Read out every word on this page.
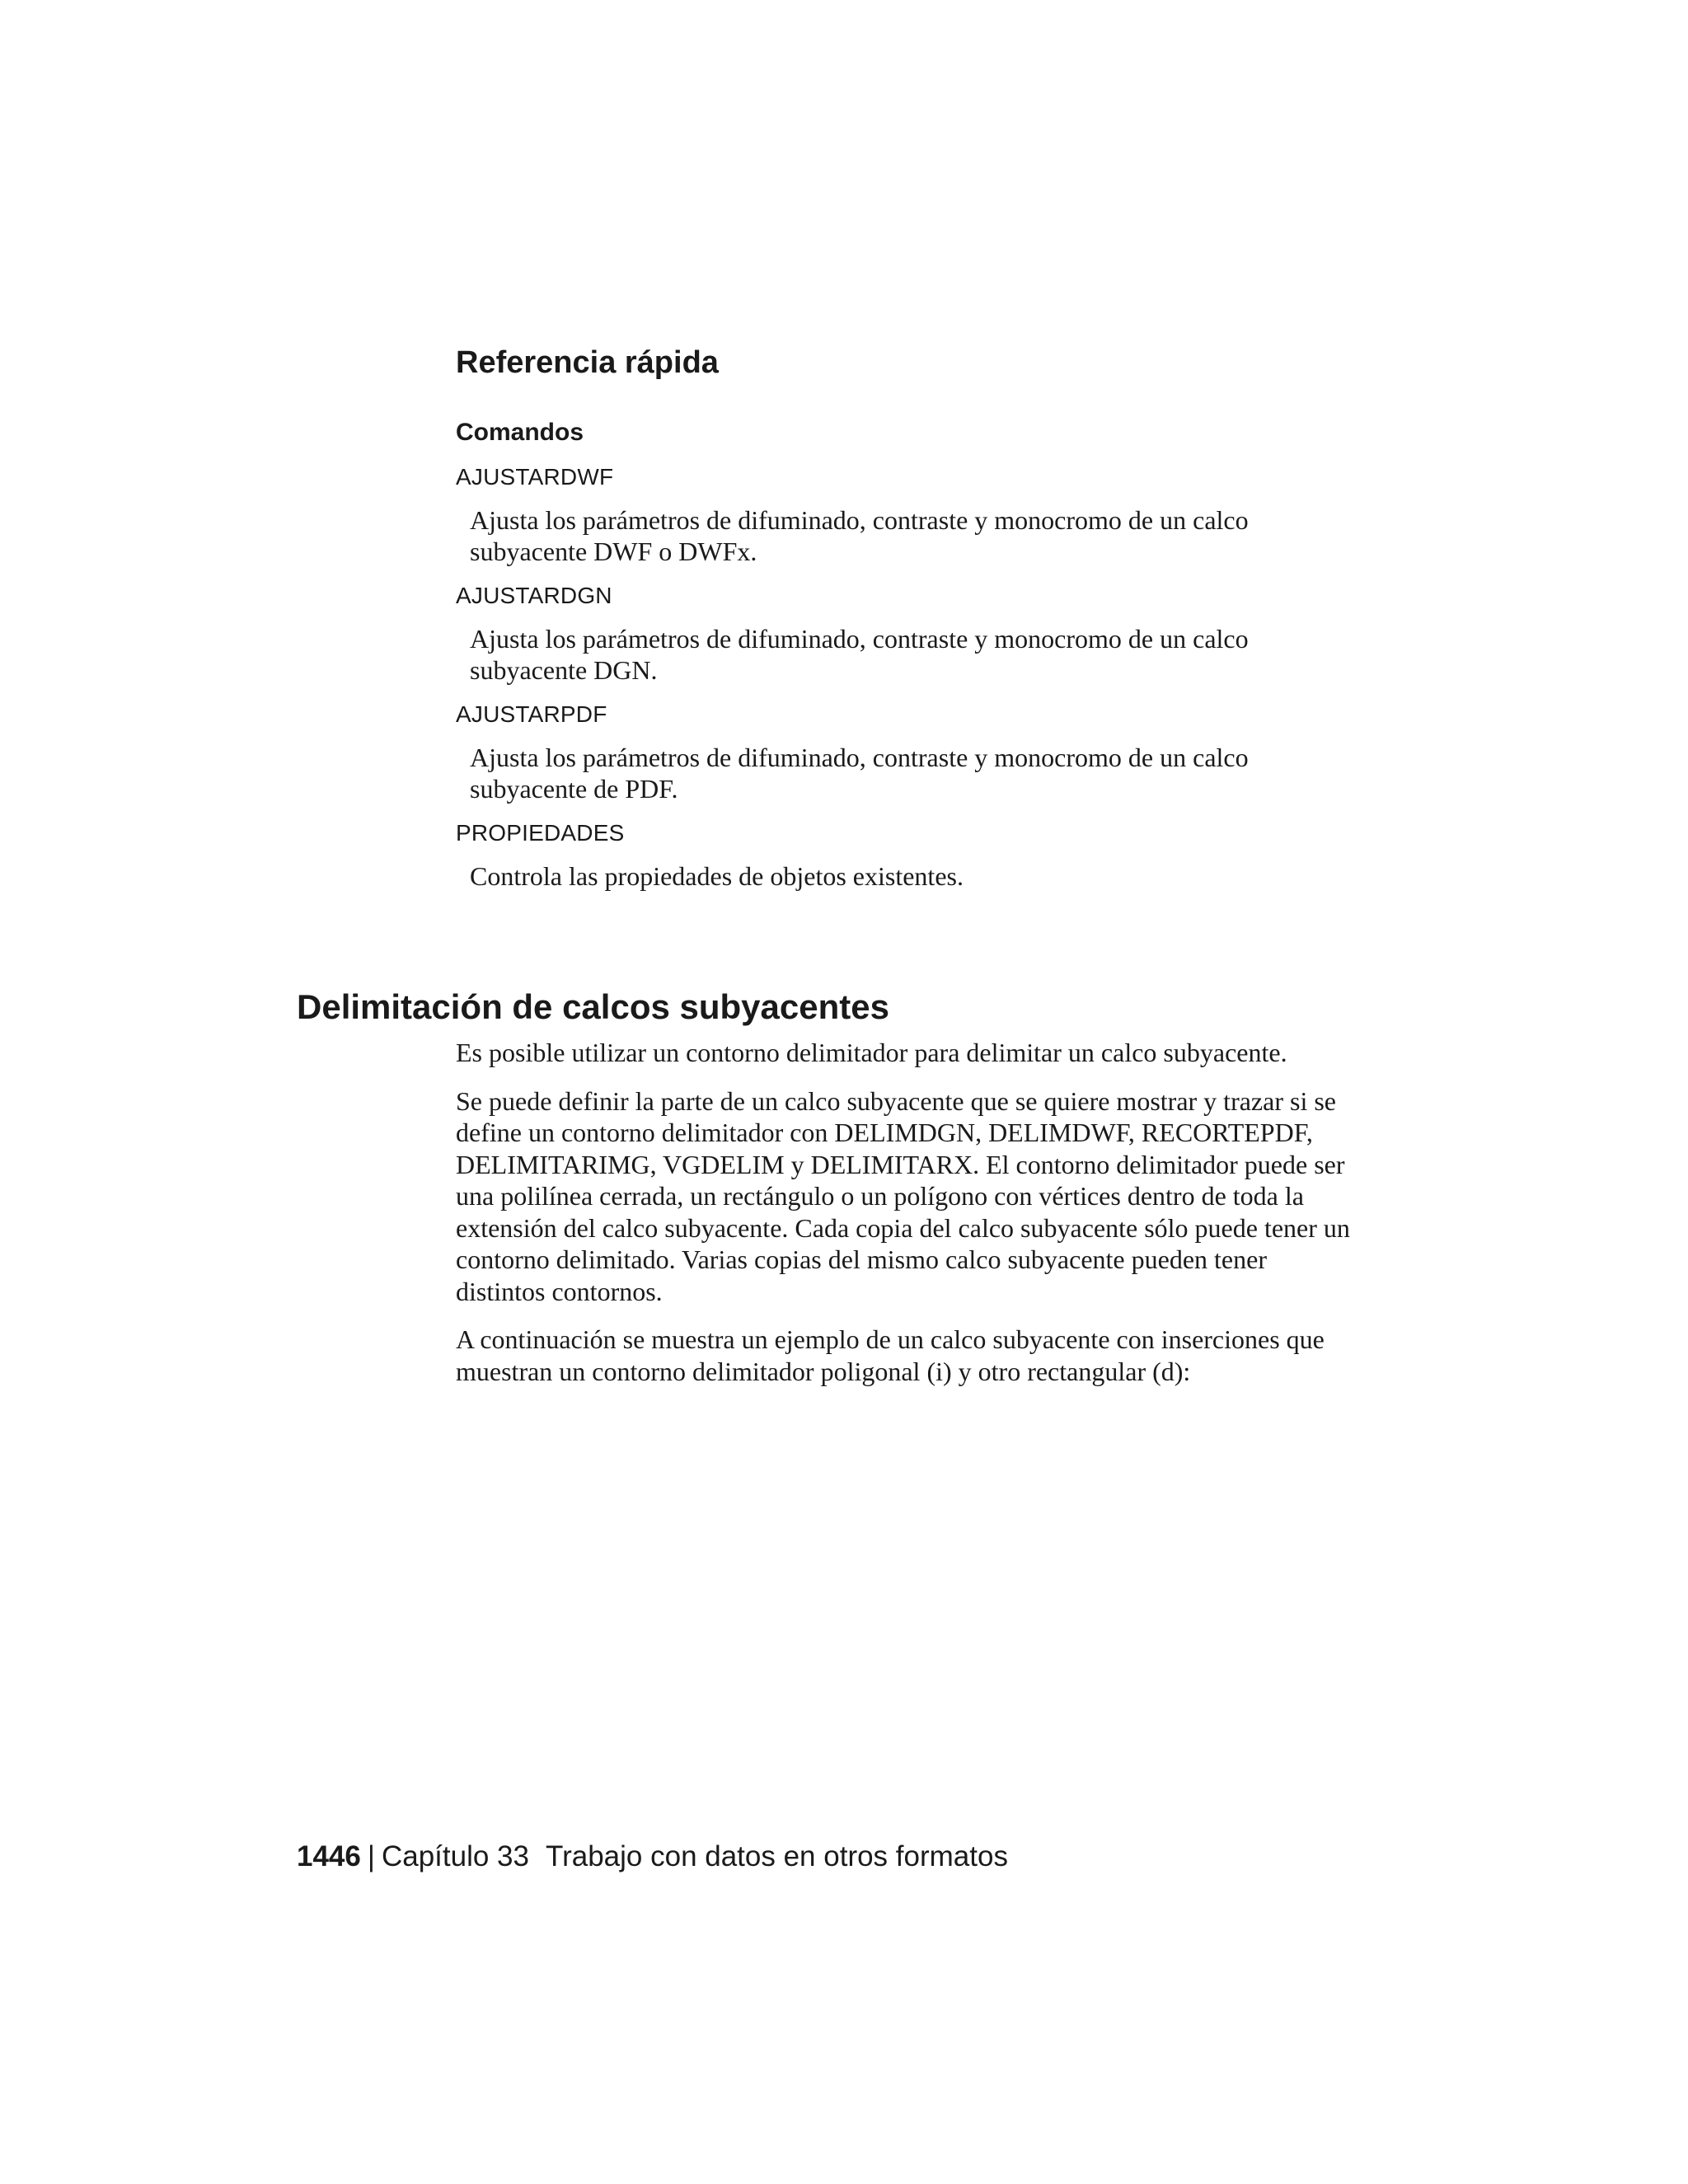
Referencia rápida
Comandos
AJUSTARDWF
Ajusta los parámetros de difuminado, contraste y monocromo de un calco subyacente DWF o DWFx.
AJUSTARDGN
Ajusta los parámetros de difuminado, contraste y monocromo de un calco subyacente DGN.
AJUSTARPDF
Ajusta los parámetros de difuminado, contraste y monocromo de un calco subyacente de PDF.
PROPIEDADES
Controla las propiedades de objetos existentes.
Delimitación de calcos subyacentes

Es posible utilizar un contorno delimitador para delimitar un calco subyacente.

Se puede definir la parte de un calco subyacente que se quiere mostrar y trazar si se define un contorno delimitador con DELIMDGN, DELIMDWF, RECORTEPDF, DELIMITARIMG, VGDELIM y DELIMITARX. El contorno delimitador puede ser una polilínea cerrada, un rectángulo o un polígono con vértices dentro de toda la extensión del calco subyacente. Cada copia del calco subyacente sólo puede tener un contorno delimitado. Varias copias del mismo calco subyacente pueden tener distintos contornos.

A continuación se muestra un ejemplo de un calco subyacente con inserciones que muestran un contorno delimitador poligonal (i) y otro rectangular (d):

1446 | Capítulo 33 Trabajo con datos en otros formatos
